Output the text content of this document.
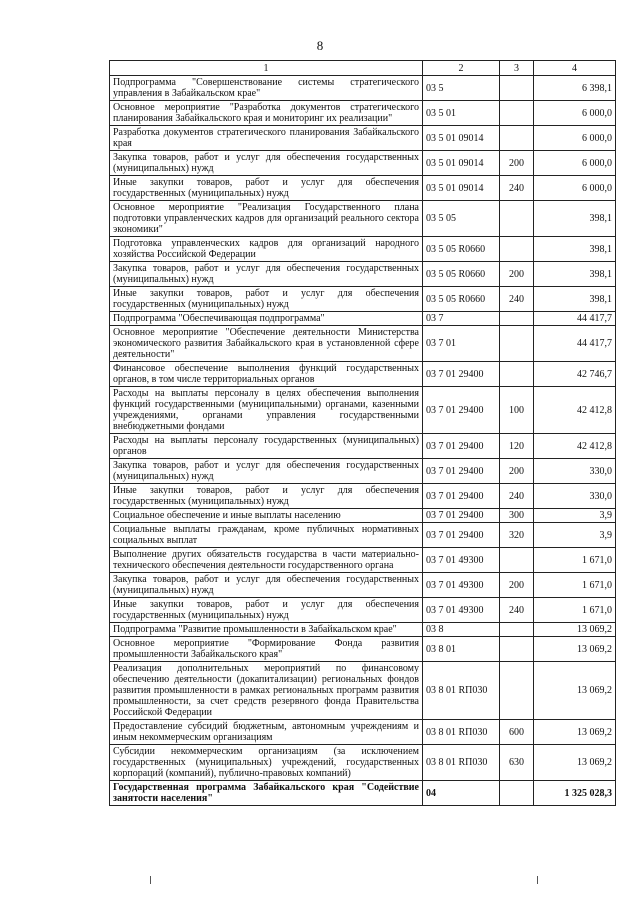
8
1	2	3	4
Подпрограмма "Совершенствование системы стратегического управления в Забайкальском крае"	03 5		6 398,1
Основное мероприятие "Разработка документов стратегического планирования Забайкальского края и мониторинг их реализации"	03 5 01		6 000,0
Разработка документов стратегического планирования Забайкальского края	03 5 01 09014		6 000,0
Закупка товаров, работ и услуг для обеспечения государственных (муниципальных) нужд	03 5 01 09014	200	6 000,0
Иные закупки товаров, работ и услуг для обеспечения государственных (муниципальных) нужд	03 5 01 09014	240	6 000,0
Основное мероприятие "Реализация Государственного плана подготовки управленческих кадров для организаций реального сектора экономики"	03 5 05		398,1
Подготовка управленческих кадров для организаций народного хозяйства Российской Федерации	03 5 05 R0660		398,1
Закупка товаров, работ и услуг для обеспечения государственных (муниципальных) нужд	03 5 05 R0660	200	398,1
Иные закупки товаров, работ и услуг для обеспечения государственных (муниципальных) нужд	03 5 05 R0660	240	398,1
Подпрограмма "Обеспечивающая подпрограмма"	03 7		44 417,7
Основное мероприятие "Обеспечение деятельности Министерства экономического развития Забайкальского края в установленной сфере деятельности"	03 7 01		44 417,7
Финансовое обеспечение выполнения функций государственных органов, в том числе территориальных органов	03 7 01 29400		42 746,7
Расходы на выплаты персоналу в целях обеспечения выполнения функций государственными (муниципальными) органами, казенными учреждениями, органами управления государственными внебюджетными фондами	03 7 01 29400	100	42 412,8
Расходы на выплаты персоналу государственных (муниципальных) органов	03 7 01 29400	120	42 412,8
Закупка товаров, работ и услуг для обеспечения государственных (муниципальных) нужд	03 7 01 29400	200	330,0
Иные закупки товаров, работ и услуг для обеспечения государственных (муниципальных) нужд	03 7 01 29400	240	330,0
Социальное обеспечение и иные выплаты населению	03 7 01 29400	300	3,9
Социальные выплаты гражданам, кроме публичных нормативных социальных выплат	03 7 01 29400	320	3,9
Выполнение других обязательств государства в части материально-технического обеспечения деятельности государственного органа	03 7 01 49300		1 671,0
Закупка товаров, работ и услуг для обеспечения государственных (муниципальных) нужд	03 7 01 49300	200	1 671,0
Иные закупки товаров, работ и услуг для обеспечения государственных (муниципальных) нужд	03 7 01 49300	240	1 671,0
Подпрограмма "Развитие промышленности в Забайкальском крае"	03 8		13 069,2
Основное мероприятие "Формирование Фонда развития промышленности Забайкальского края"	03 8 01		13 069,2
Реализация дополнительных мероприятий по финансовому обеспечению деятельности (докапитализации) региональных фондов развития промышленности в рамках региональных программ развития промышленности, за счет средств резервного фонда Правительства Российской Федерации	03 8 01 RП030		13 069,2
Предоставление субсидий бюджетным, автономным учреждениям и иным некоммерческим организациям	03 8 01 RП030	600	13 069,2
Субсидии некоммерческим организациям (за исключением государственных (муниципальных) учреждений, государственных корпораций (компаний), публично-правовых компаний)	03 8 01 RП030	630	13 069,2
Государственная программа Забайкальского края "Содействие занятости населения"	04		1 325 028,3
